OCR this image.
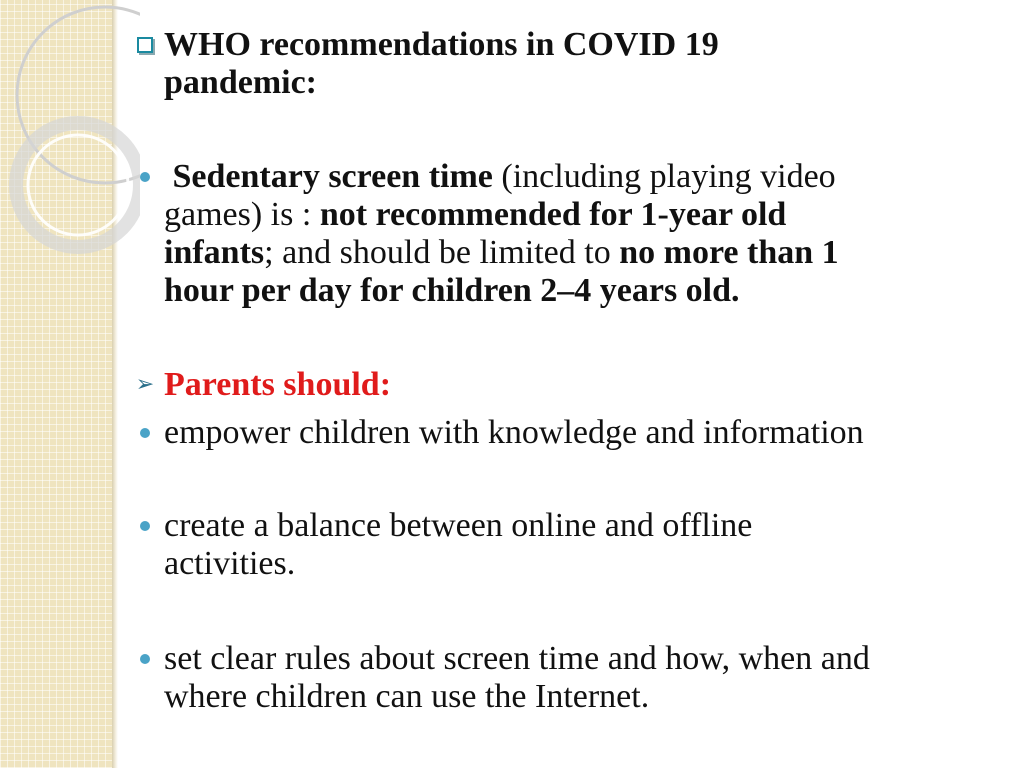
WHO recommendations in COVID 19
pandemic:
Sedentary screen time (including playing video
games) is : not recommended for 1-year old
infants; and should be limited to no more than 1
hour per day for children 2–4 years old.
➢ Parents should:
empower children with knowledge and information
create a balance between online and offline
activities.
set clear rules about screen time and how, when and
where children can use the Internet.
